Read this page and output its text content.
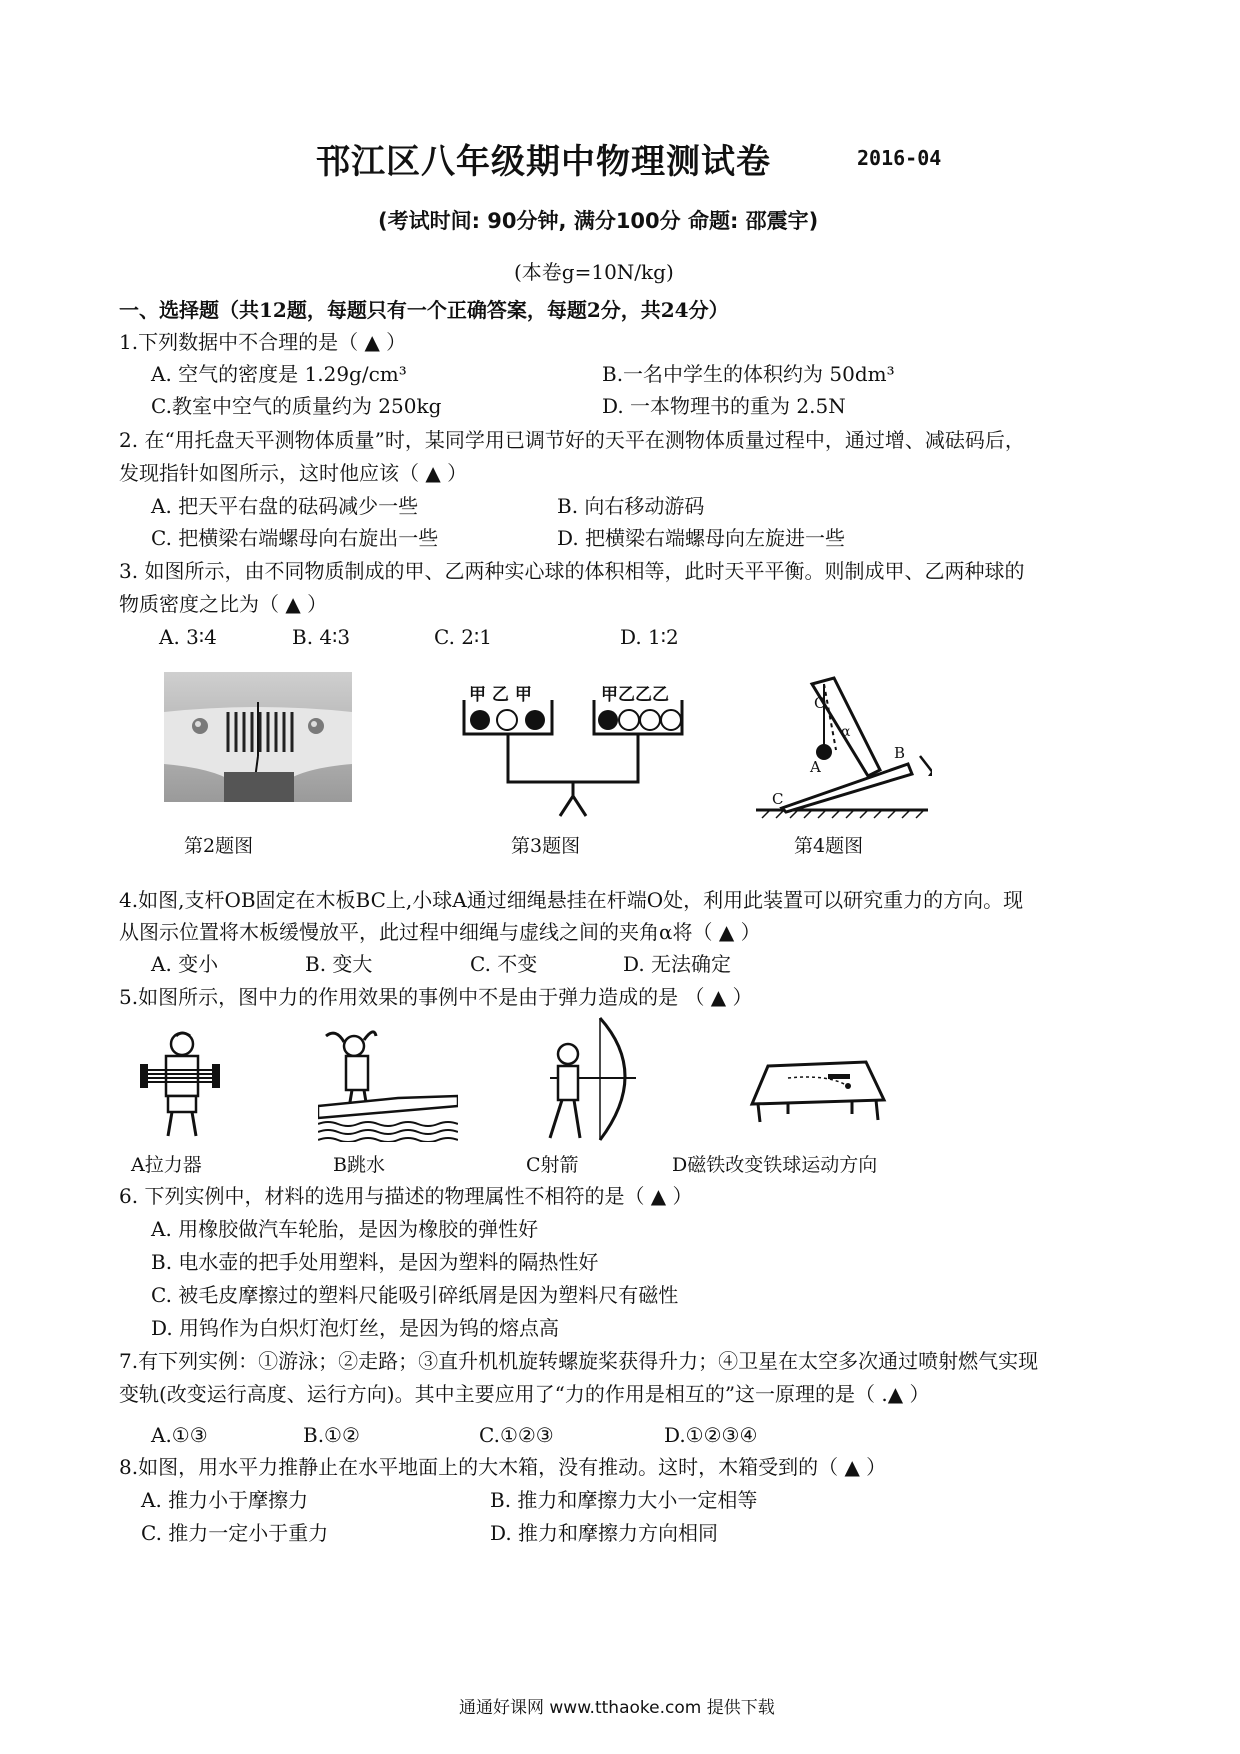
邗江区八年级期中物理测试卷	2016-04
(考试时间: 90分钟, 满分100分 命题: 邵震宇)
(本卷g=10N/kg)
一、选择题（共12题，每题只有一个正确答案，每题2分，共24分）
1.下列数据中不合理的是（ ▲ ）
A. 空气的密度是 1.29g/cm³	B.一名中学生的体积约为 50dm³
C.教室中空气的质量约为 250kg	D. 一本物理书的重为 2.5N
2. 在“用托盘天平测物体质量”时，某同学用已调节好的天平在测物体质量过程中，通过增、减砝码后，
发现指针如图所示，这时他应该（ ▲ ）
A. 把天平右盘的砝码减少一些	B. 向右移动游码
C. 把横梁右端螺母向右旋出一些	D. 把横梁右端螺母向左旋进一些
3. 如图所示，由不同物质制成的甲、乙两种实心球的体积相等，此时天平平衡。则制成甲、乙两种球的
物质密度之比为（ ▲ ）
A. 3∶4	B. 4∶3	C. 2∶1	D. 1∶2
第2题图
甲 乙 甲	甲乙乙乙
第3题图
O
α
A
B
C
第4题图
4.如图,支杆OB固定在木板BC上,小球A通过细绳悬挂在杆端O处，利用此装置可以研究重力的方向。现
从图示位置将木板缓慢放平，此过程中细绳与虚线之间的夹角α将（ ▲ ）
A. 变小	B. 变大	C. 不变	D. 无法确定
5.如图所示，图中力的作用效果的事例中不是由于弹力造成的是 （ ▲ ）
A拉力器	B跳水	C射箭	D磁铁改变铁球运动方向
6. 下列实例中，材料的选用与描述的物理属性不相符的是（ ▲ ）
A. 用橡胶做汽车轮胎，是因为橡胶的弹性好
B. 电水壶的把手处用塑料，是因为塑料的隔热性好
C. 被毛皮摩擦过的塑料尺能吸引碎纸屑是因为塑料尺有磁性
D. 用钨作为白炽灯泡灯丝，是因为钨的熔点高
7.有下列实例：①游泳；②走路；③直升机机旋转螺旋桨获得升力；④卫星在太空多次通过喷射燃气实现
变轨(改变运行高度、运行方向)。其中主要应用了“力的作用是相互的”这一原理的是（ .▲ ）
A.①③	B.①②	C.①②③	D.①②③④
8.如图，用水平力推静止在水平地面上的大木箱，没有推动。这时，木箱受到的（ ▲ ）
A. 推力小于摩擦力	B. 推力和摩擦力大小一定相等
C. 推力一定小于重力	D. 推力和摩擦力方向相同
通通好课网 www.tthaoke.com 提供下载
